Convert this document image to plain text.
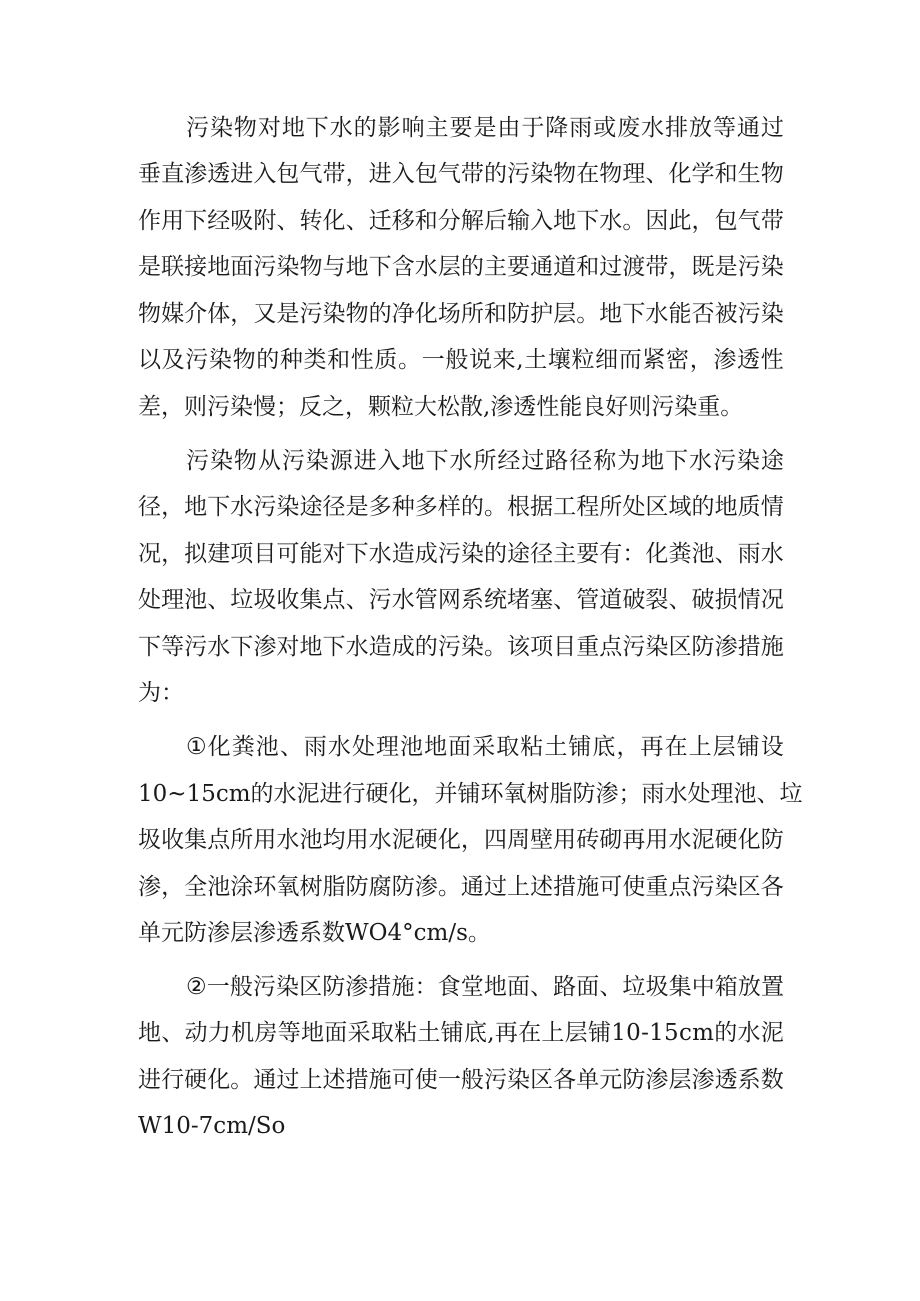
污 染 物 对 地 下 水 的 影 响 主 要 是 由 于 降 雨 或 废 水 排 放 等 通 过
垂 直 渗 透 进 入 包 气 带 ， 进 入 包 气 带 的 污 染 物 在 物 理 、 化 学 和 生 物
作 用 下 经 吸 附 、 转 化 、 迁 移 和 分 解 后 输 入 地 下 水 。 因 此 ， 包 气 带
是 联 接 地 面 污 染 物 与 地 下 含 水 层 的 主 要 通 道 和 过 渡 带 ， 既 是 污 染
物 媒 介 体 ， 又 是 污 染 物 的 净 化 场 所 和 防 护 层 。 地 下 水 能 否 被 污 染
以 及 污 染 物 的 种 类 和 性 质 。 一 般 说 来 , 土 壤 粒 细 而 紧 密 ， 渗 透 性
差，则污染慢；反之，颗粒大松散,渗透性能良好则污染重。
污 染 物 从 污 染 源 进 入 地 下 水 所 经 过 路 径 称 为 地 下 水 污 染 途
径 ， 地 下 水 污 染 途 径 是 多 种 多 样 的 。 根 据 工 程 所 处 区 域 的 地 质 情
况 ， 拟 建 项 目 可 能 对 下 水 造 成 污 染 的 途 径 主 要 有 ： 化 粪 池 、 雨 水
处 理 池 、 垃 圾 收 集 点 、 污 水 管 网 系 统 堵 塞 、 管 道 破 裂 、 破 损 情 况
下 等 污 水 下 渗 对 地 下 水 造 成 的 污 染 。 该 项 目 重 点 污 染 区 防 渗 措 施
为：
① 化 粪 池 、 雨 水 处 理 池 地 面 采 取 粘 土 铺 底 ， 再 在 上 层 铺 设
1 0 ~ 1 5 c m 的 水 泥 进 行 硬 化 ， 并 铺 环 氧 树 脂 防 渗 ； 雨 水 处 理 池 、 垃
圾 收 集 点 所 用 水 池 均 用 水 泥 硬 化 ， 四 周 壁 用 砖 砌 再 用 水 泥 硬 化 防
渗 ， 全 池 涂 环 氧 树 脂 防 腐 防 渗 。 通 过 上 述 措 施 可 使 重 点 污 染 区 各
单元防渗层渗透系数WO4°cm/s。
② 一 般 污 染 区 防 渗 措 施 ： 食 堂 地 面 、 路 面 、 垃 圾 集 中 箱 放 置
地 、 动 力 机 房 等 地 面 采 取 粘 土 铺 底 , 再 在 上 层 铺 1 0 - 1 5 c m 的 水 泥
进 行 硬 化 。 通 过 上 述 措 施 可 使 一 般 污 染 区 各 单 元 防 渗 层 渗 透 系 数
W10-7cm/So
